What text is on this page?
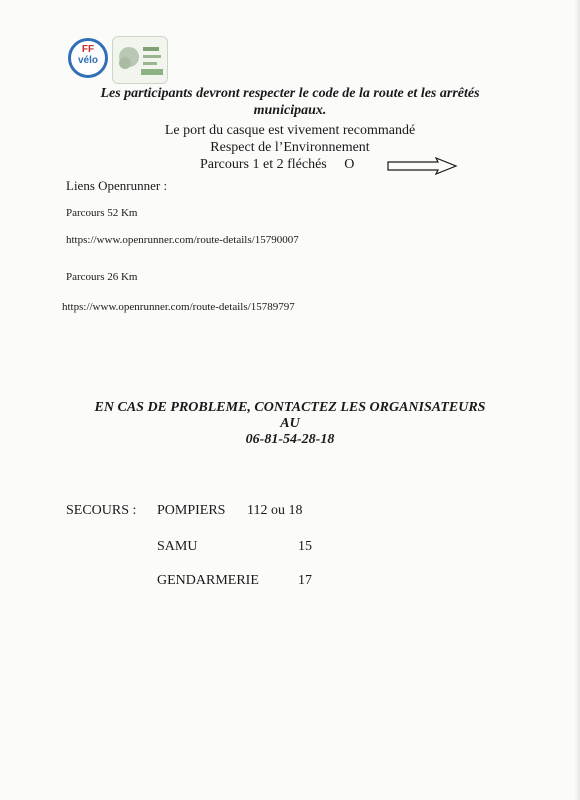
FF
vélo
Les participants devront respecter le code de la route et les arrêtés
municipaux.
Le port du casque est vivement recommandé
Respect de l’Environnement
Parcours 1 et 2 fléchés O
Liens Openrunner :
Parcours 52 Km
https://www.openrunner.com/route-details/15790007
Parcours 26 Km
https://www.openrunner.com/route-details/15789797
EN CAS DE PROBLEME, CONTACTEZ LES ORGANISATEURS
AU
06-81-54-28-18
SECOURS : POMPIERS 112 ou 18
SAMU	15
GENDARMERIE	17
